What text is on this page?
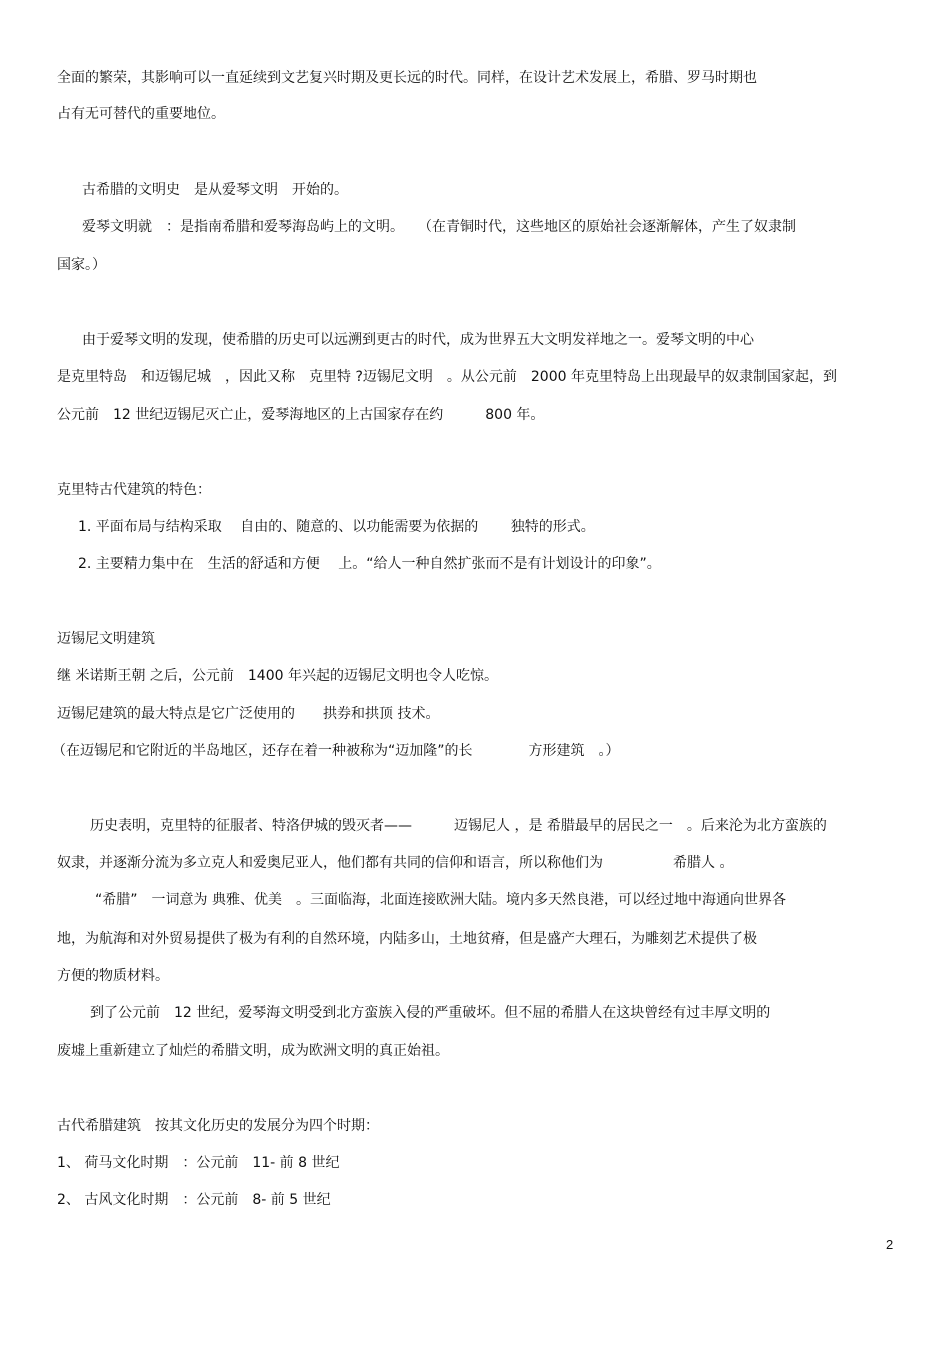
全面的繁荣，其影响可以一直延续到文艺复兴时期及更长远的时代。同样，在设计艺术发展上，希腊、罗马时期也
占有无可替代的重要地位。
古希腊的文明史　是从爱琴文明　开始的。
爱琴文明就　：是指南希腊和爱琴海岛屿上的文明。　　（在青铜时代，这些地区的原始社会逐渐解体，产生了奴隶制
国家。）
由于爱琴文明的发现，使希腊的历史可以远溯到更古的时代，成为世界五大文明发祥地之一。爱琴文明的中心
是克里特岛　和迈锡尼城　，因此又称　克里特 ?迈锡尼文明　。从公元前　2000 年克里特岛上出现最早的奴隶制国家起，到
公元前　12 世纪迈锡尼灭亡止，爱琴海地区的上古国家存在约　　　800 年。
克里特古代建筑的特色：
1. 平面布局与结构采取　 自由的、随意的、以功能需要为依据的　　 独特的形式。
2. 主要精力集中在　生活的舒适和方便　 上。“给人一种自然扩张而不是有计划设计的印象”。
迈锡尼文明建筑
继 米诺斯王朝 之后，公元前　1400 年兴起的迈锡尼文明也令人吃惊。
迈锡尼建筑的最大特点是它广泛使用的　　拱券和拱顶 技术。
（在迈锡尼和它附近的半岛地区，还存在着一种被称为“迈加隆”的长　　　　方形建筑　。）
历史表明，克里特的征服者、特洛伊城的毁灭者——　　　迈锡尼人 ，是 希腊最早的居民之一　。后来沦为北方蛮族的
奴隶，并逐渐分流为多立克人和爱奥尼亚人，他们都有共同的信仰和语言，所以称他们为　　　　　希腊人 。
“希腊”　一词意为 典雅、优美　。三面临海，北面连接欧洲大陆。境内多天然良港，可以经过地中海通向世界各
地，为航海和对外贸易提供了极为有利的自然环境，内陆多山，土地贫瘠，但是盛产大理石，为雕刻艺术提供了极
方便的物质材料。
到了公元前　12 世纪，爱琴海文明受到北方蛮族入侵的严重破坏。但不屈的希腊人在这块曾经有过丰厚文明的
废墟上重新建立了灿烂的希腊文明，成为欧洲文明的真正始祖。
古代希腊建筑　按其文化历史的发展分为四个时期：
1、 荷马文化时期　：公元前　11- 前 8 世纪
2、 古风文化时期　：公元前　8- 前 5 世纪
2
